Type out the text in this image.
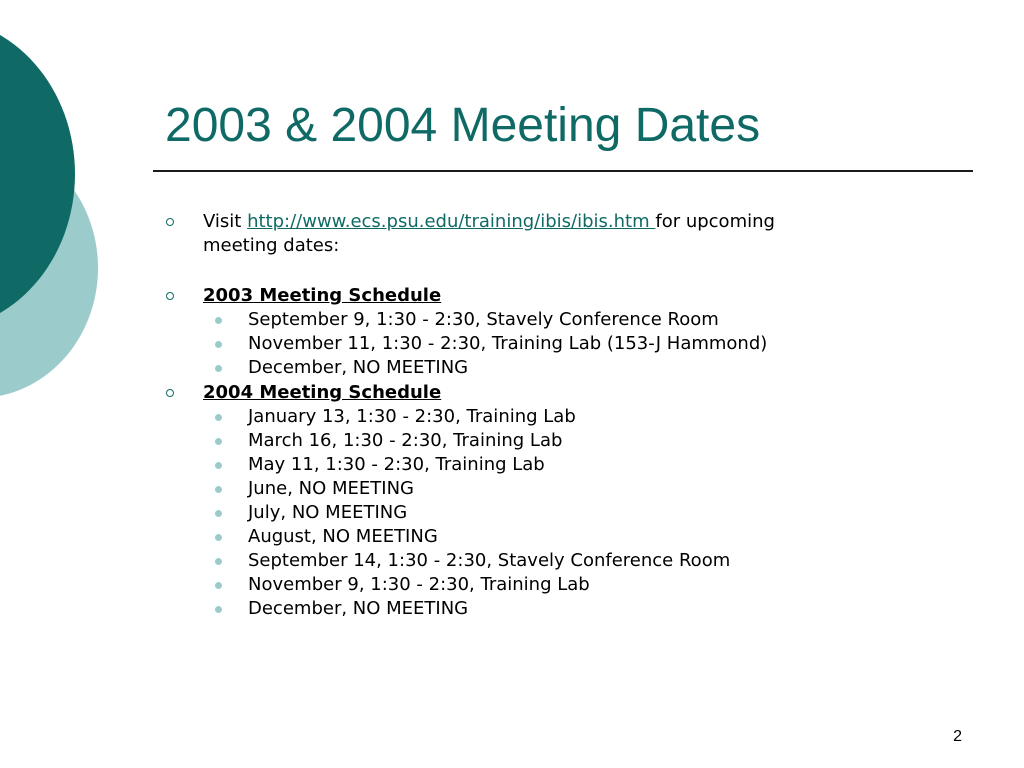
2003 & 2004 Meeting Dates
Visit http://www.ecs.psu.edu/training/ibis/ibis.htm for upcoming
meeting dates:
2003 Meeting Schedule
September 9, 1:30 - 2:30, Stavely Conference Room
November 11, 1:30 - 2:30, Training Lab (153-J Hammond)
December, NO MEETING
2004 Meeting Schedule
January 13, 1:30 - 2:30, Training Lab
March 16, 1:30 - 2:30, Training Lab
May 11, 1:30 - 2:30, Training Lab
June, NO MEETING
July, NO MEETING
August, NO MEETING
September 14, 1:30 - 2:30, Stavely Conference Room
November 9, 1:30 - 2:30, Training Lab
December, NO MEETING
2
